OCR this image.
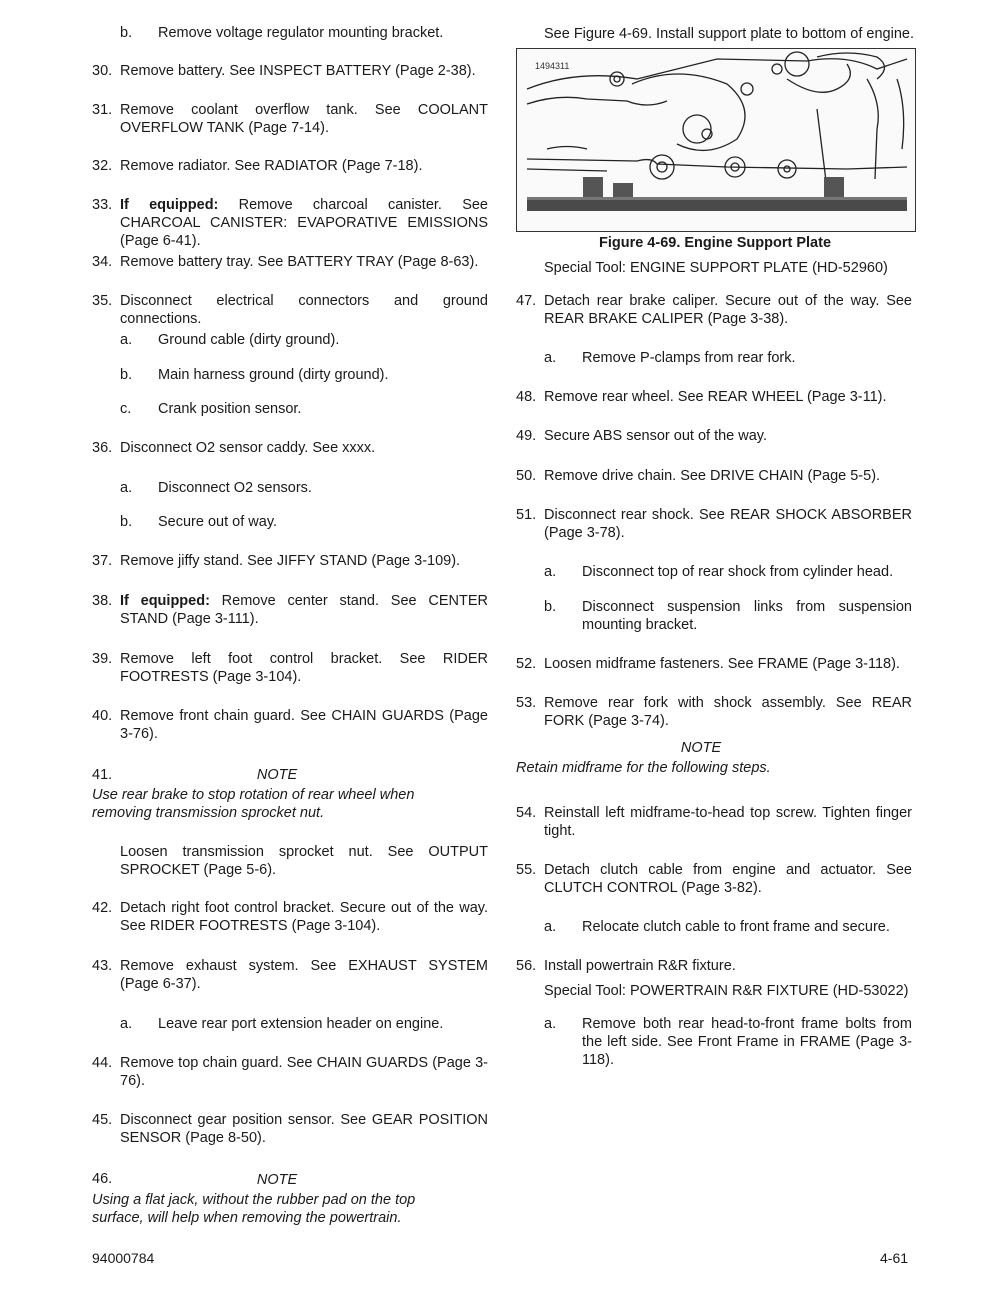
b.	Remove voltage regulator mounting bracket.
30. Remove battery. See INSPECT BATTERY (Page 2-38).
31. Remove coolant overflow tank. See COOLANT OVERFLOW TANK (Page 7-14).
32. Remove radiator. See RADIATOR (Page 7-18).
33. If equipped: Remove charcoal canister. See CHARCOAL CANISTER: EVAPORATIVE EMISSIONS (Page 6-41).
34. Remove battery tray. See BATTERY TRAY (Page 8-63).
35. Disconnect electrical connectors and ground connections.
a.	Ground cable (dirty ground).
b.	Main harness ground (dirty ground).
c.	Crank position sensor.
36. Disconnect O2 sensor caddy. See xxxx.
a.	Disconnect O2 sensors.
b.	Secure out of way.
37. Remove jiffy stand. See JIFFY STAND (Page 3-109).
38. If equipped: Remove center stand. See CENTER STAND (Page 3-111).
39. Remove left foot control bracket. See RIDER FOOTRESTS (Page 3-104).
40. Remove front chain guard. See CHAIN GUARDS (Page 3-76).
41.	NOTE
Use rear brake to stop rotation of rear wheel when removing transmission sprocket nut.
Loosen transmission sprocket nut. See OUTPUT SPROCKET (Page 5-6).
42. Detach right foot control bracket. Secure out of the way. See RIDER FOOTRESTS (Page 3-104).
43. Remove exhaust system. See EXHAUST SYSTEM (Page 6-37).
a.	Leave rear port extension header on engine.
44. Remove top chain guard. See CHAIN GUARDS (Page 3-76).
45. Disconnect gear position sensor. See GEAR POSITION SENSOR (Page 8-50).
46.	NOTE
Using a flat jack, without the rubber pad on the top surface, will help when removing the powertrain.
See Figure 4-69. Install support plate to bottom of engine.
1494311
Figure 4-69. Engine Support Plate
Special Tool: ENGINE SUPPORT PLATE (HD-52960)
47. Detach rear brake caliper. Secure out of the way. See REAR BRAKE CALIPER (Page 3-38).
a.	Remove P-clamps from rear fork.
48. Remove rear wheel. See REAR WHEEL (Page 3-11).
49. Secure ABS sensor out of the way.
50. Remove drive chain. See DRIVE CHAIN (Page 5-5).
51. Disconnect rear shock. See REAR SHOCK ABSORBER (Page 3-78).
a.	Disconnect top of rear shock from cylinder head.
b.	Disconnect suspension links from suspension mounting bracket.
52. Loosen midframe fasteners. See FRAME (Page 3-118).
53. Remove rear fork with shock assembly. See REAR FORK (Page 3-74).
NOTE
Retain midframe for the following steps.
54. Reinstall left midframe-to-head top screw. Tighten finger tight.
55. Detach clutch cable from engine and actuator. See CLUTCH CONTROL (Page 3-82).
a.	Relocate clutch cable to front frame and secure.
56. Install powertrain R&R fixture.
Special Tool: POWERTRAIN R&R FIXTURE (HD-53022)
a.	Remove both rear head-to-front frame bolts from the left side. See Front Frame in FRAME (Page 3-118).
94000784	4-61
